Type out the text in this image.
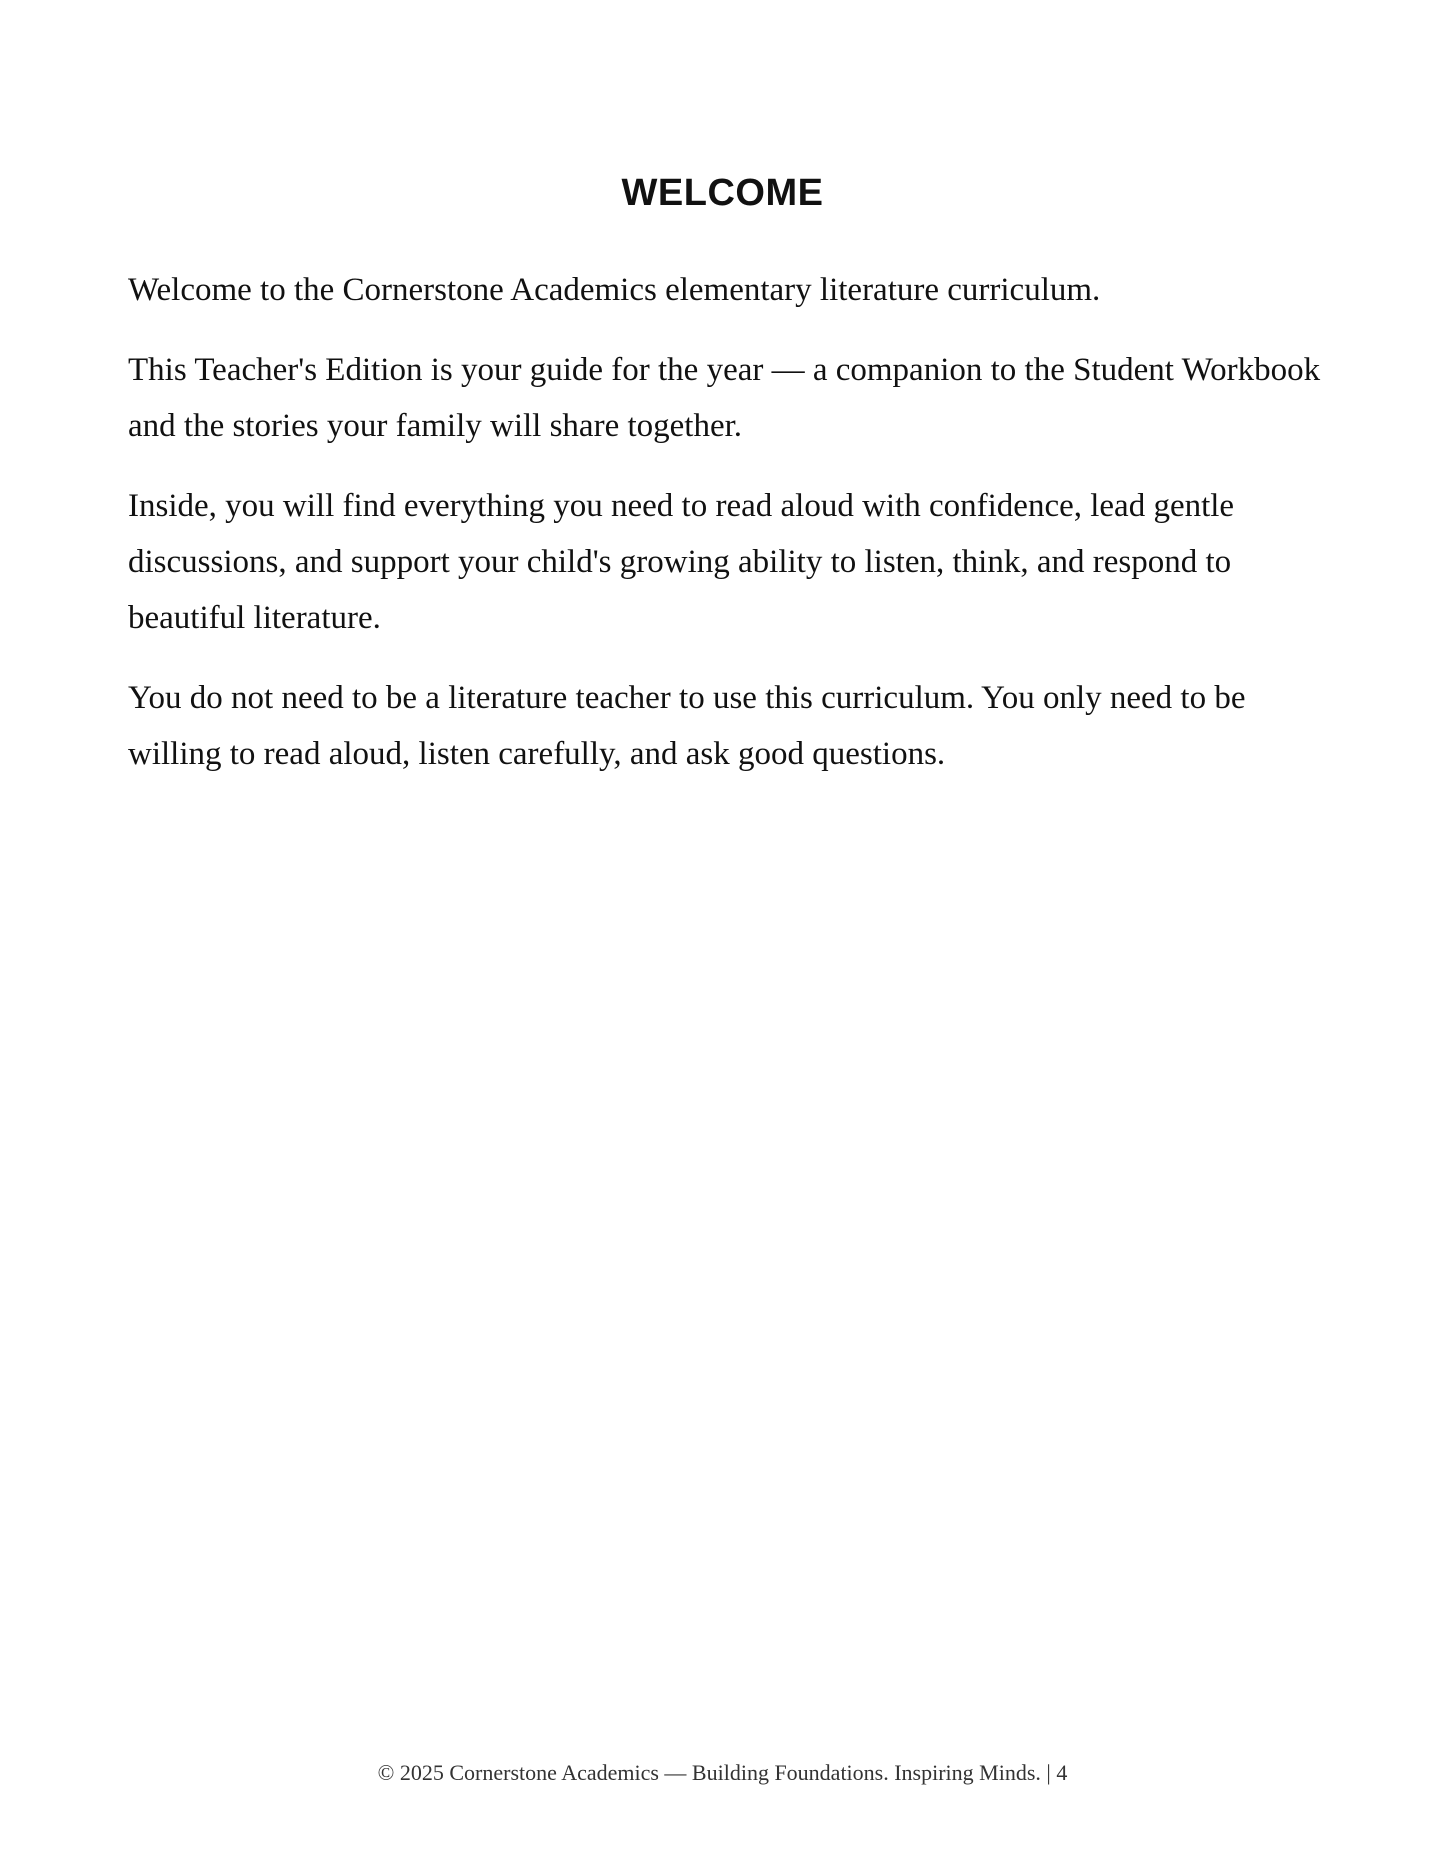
WELCOME

Welcome to the Cornerstone Academics elementary literature curriculum.

This Teacher's Edition is your guide for the year — a companion to the Student Workbook and the stories your family will share together.

Inside, you will find everything you need to read aloud with confidence, lead gentle discussions, and support your child's growing ability to listen, think, and respond to beautiful literature.

You do not need to be a literature teacher to use this curriculum. You only need to be willing to read aloud, listen carefully, and ask good questions.

© 2025 Cornerstone Academics — Building Foundations. Inspiring Minds. | 4
